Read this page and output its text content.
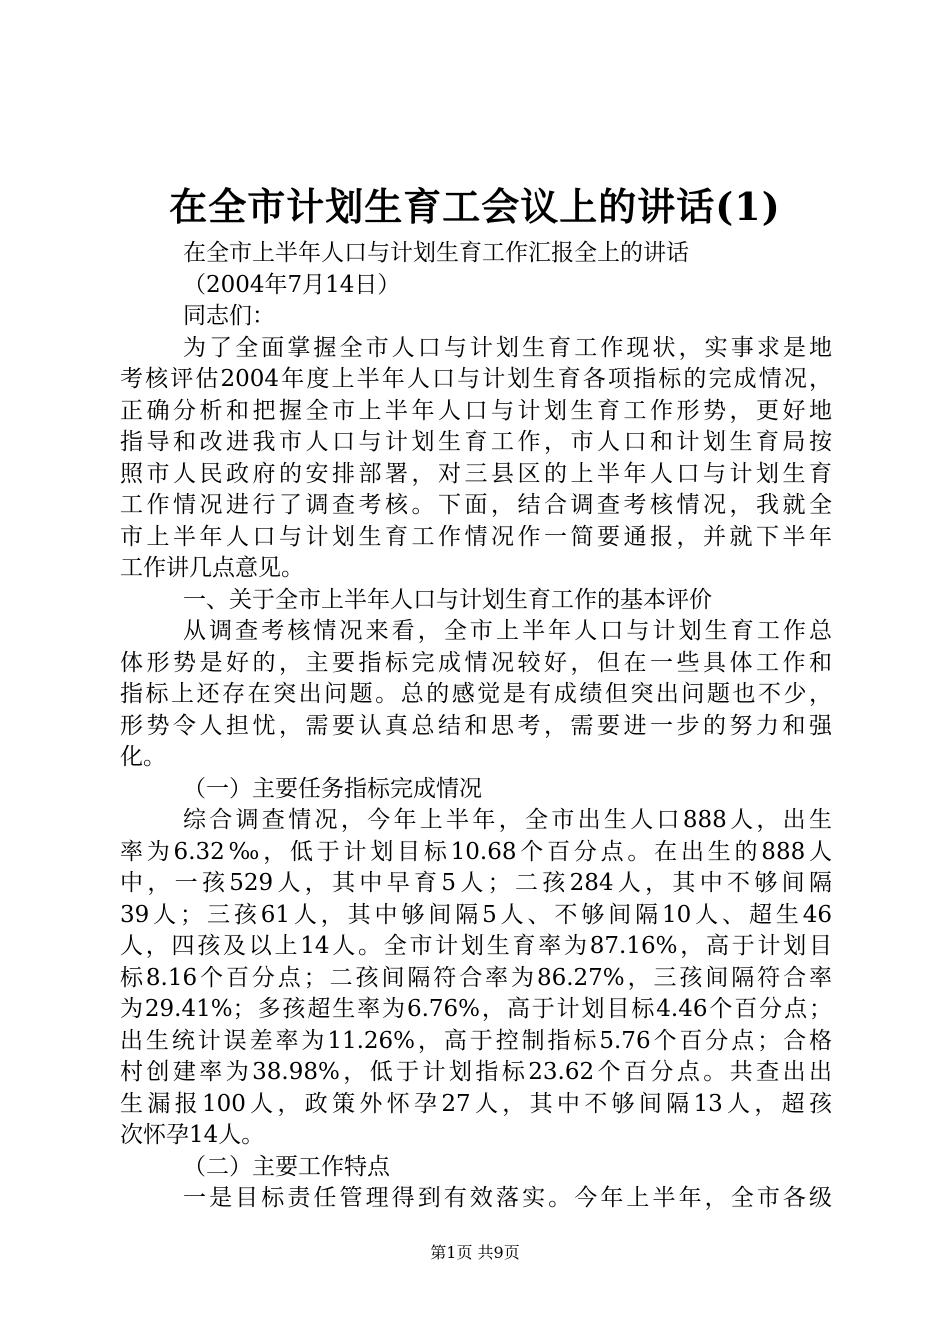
在全市计划生育工会议上的讲话(1)
在全市上半年人口与计划生育工作汇报全上的讲话
（2004年7月14日）
同志们：
为了全面掌握全市人口与计划生育工作现状，实事求是地
考核评估2004年度上半年人口与计划生育各项指标的完成情况，
正确分析和把握全市上半年人口与计划生育工作形势，更好地
指导和改进我市人口与计划生育工作，市人口和计划生育局按
照市人民政府的安排部署，对三县区的上半年人口与计划生育
工作情况进行了调查考核。下面，结合调查考核情况，我就全
市上半年人口与计划生育工作情况作一简要通报，并就下半年
工作讲几点意见。
一、关于全市上半年人口与计划生育工作的基本评价
从调查考核情况来看，全市上半年人口与计划生育工作总
体形势是好的，主要指标完成情况较好，但在一些具体工作和
指标上还存在突出问题。总的感觉是有成绩但突出问题也不少，
形势令人担忧，需要认真总结和思考，需要进一步的努力和强
化。
（一）主要任务指标完成情况
综合调查情况，今年上半年，全市出生人口888人，出生
率为6.32‰，低于计划目标10.68个百分点。在出生的888人
中，一孩529人，其中早育5人；二孩284人，其中不够间隔
39人；三孩61人，其中够间隔5人、不够间隔10人、超生46
人，四孩及以上14人。全市计划生育率为87.16%，高于计划目
标8.16个百分点；二孩间隔符合率为86.27%，三孩间隔符合率
为29.41%；多孩超生率为6.76%，高于计划目标4.46个百分点；
出生统计误差率为11.26%，高于控制指标5.76个百分点；合格
村创建率为38.98%，低于计划指标23.62个百分点。共查出出
生漏报100人，政策外怀孕27人，其中不够间隔13人，超孩
次怀孕14人。
（二）主要工作特点
一是目标责任管理得到有效落实。今年上半年，全市各级
第1页 共9页
